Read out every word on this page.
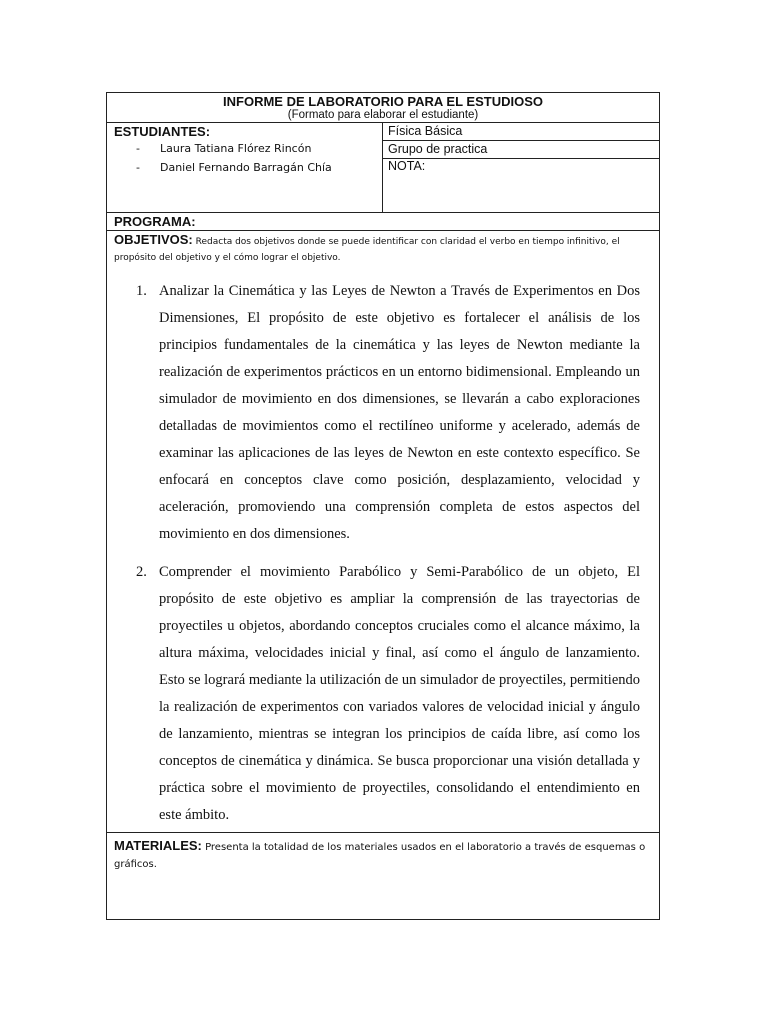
INFORME DE LABORATORIO PARA EL ESTUDIOSO
(Formato para elaborar el estudiante)
ESTUDIANTES:
-	Laura Tatiana Flórez Rincón
-	Daniel Fernando Barragán Chía
Física Básica
Grupo de practica
NOTA:
PROGRAMA:
OBJETIVOS: Redacta dos objetivos donde se puede identificar con claridad el verbo en tiempo infinitivo, el propósito del objetivo y el cómo lograr el objetivo.
1. Analizar la Cinemática y las Leyes de Newton a Través de Experimentos en Dos Dimensiones, El propósito de este objetivo es fortalecer el análisis de los principios fundamentales de la cinemática y las leyes de Newton mediante la realización de experimentos prácticos en un entorno bidimensional. Empleando un simulador de movimiento en dos dimensiones, se llevarán a cabo exploraciones detalladas de movimientos como el rectilíneo uniforme y acelerado, además de examinar las aplicaciones de las leyes de Newton en este contexto específico. Se enfocará en conceptos clave como posición, desplazamiento, velocidad y aceleración, promoviendo una comprensión completa de estos aspectos del movimiento en dos dimensiones.
2. Comprender el movimiento Parabólico y Semi-Parabólico de un objeto, El propósito de este objetivo es ampliar la comprensión de las trayectorias de proyectiles u objetos, abordando conceptos cruciales como el alcance máximo, la altura máxima, velocidades inicial y final, así como el ángulo de lanzamiento. Esto se logrará mediante la utilización de un simulador de proyectiles, permitiendo la realización de experimentos con variados valores de velocidad inicial y ángulo de lanzamiento, mientras se integran los principios de caída libre, así como los conceptos de cinemática y dinámica. Se busca proporcionar una visión detallada y práctica sobre el movimiento de proyectiles, consolidando el entendimiento en este ámbito.
MATERIALES: Presenta la totalidad de los materiales usados en el laboratorio a través de esquemas o gráficos.
